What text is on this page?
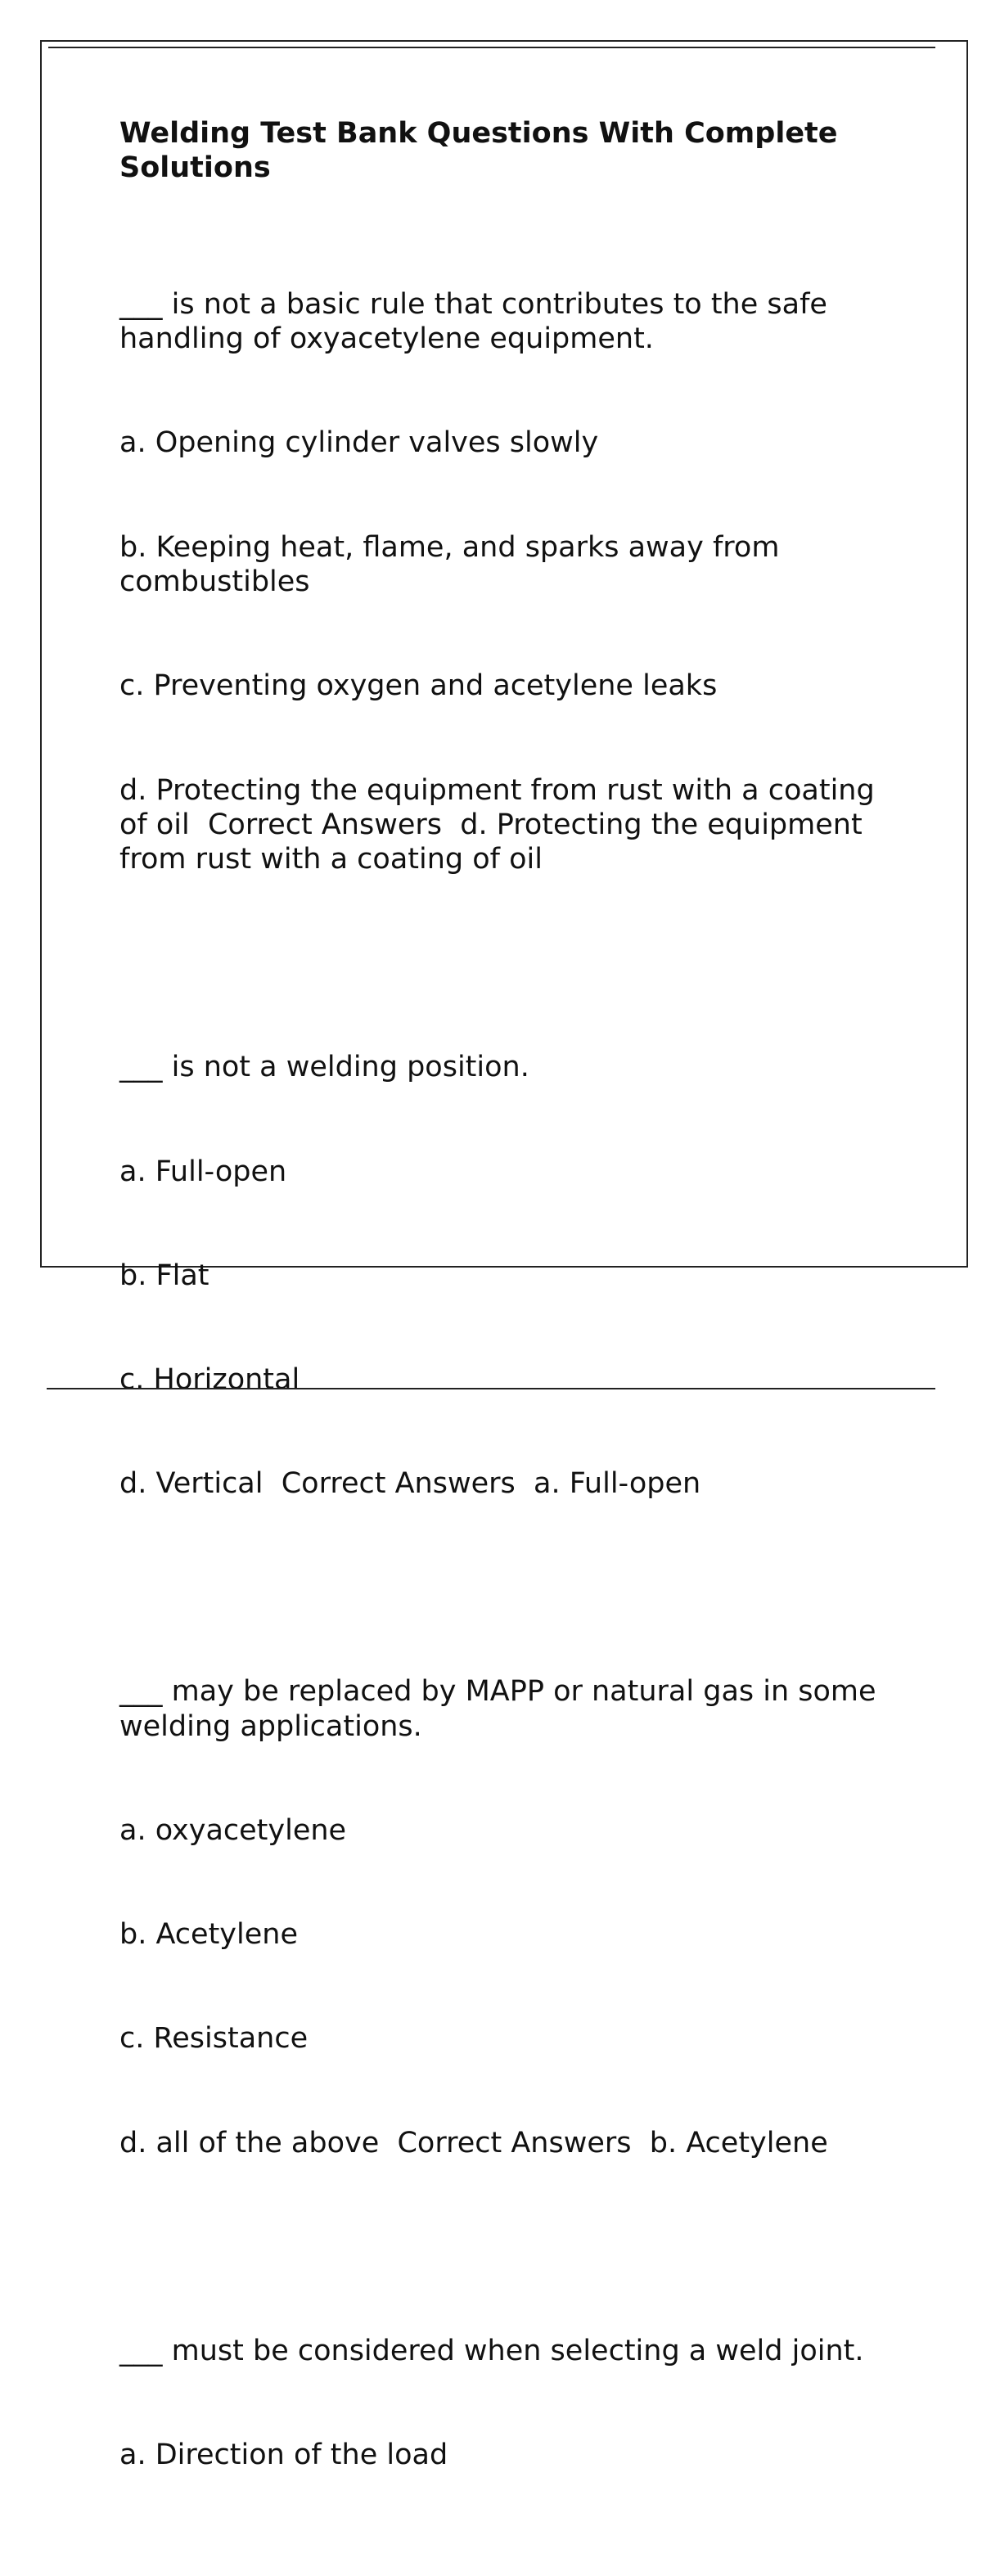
Welding Test Bank Questions With Complete Solutions

___ is not a basic rule that contributes to the safe handling of oxyacetylene equipment.

a. Opening cylinder valves slowly

b. Keeping heat, flame, and sparks away from combustibles

c. Preventing oxygen and acetylene leaks

d. Protecting the equipment from rust with a coating of oil  Correct Answers  d. Protecting the equipment from rust with a coating of oil

___ is not a welding position.

a. Full-open

b. Flat

c. Horizontal

d. Vertical  Correct Answers  a. Full-open

___ may be replaced by MAPP or natural gas in some welding applications.

a. oxyacetylene

b. Acetylene

c. Resistance

d. all of the above  Correct Answers  b. Acetylene

___ must be considered when selecting a weld joint.

a. Direction of the load
